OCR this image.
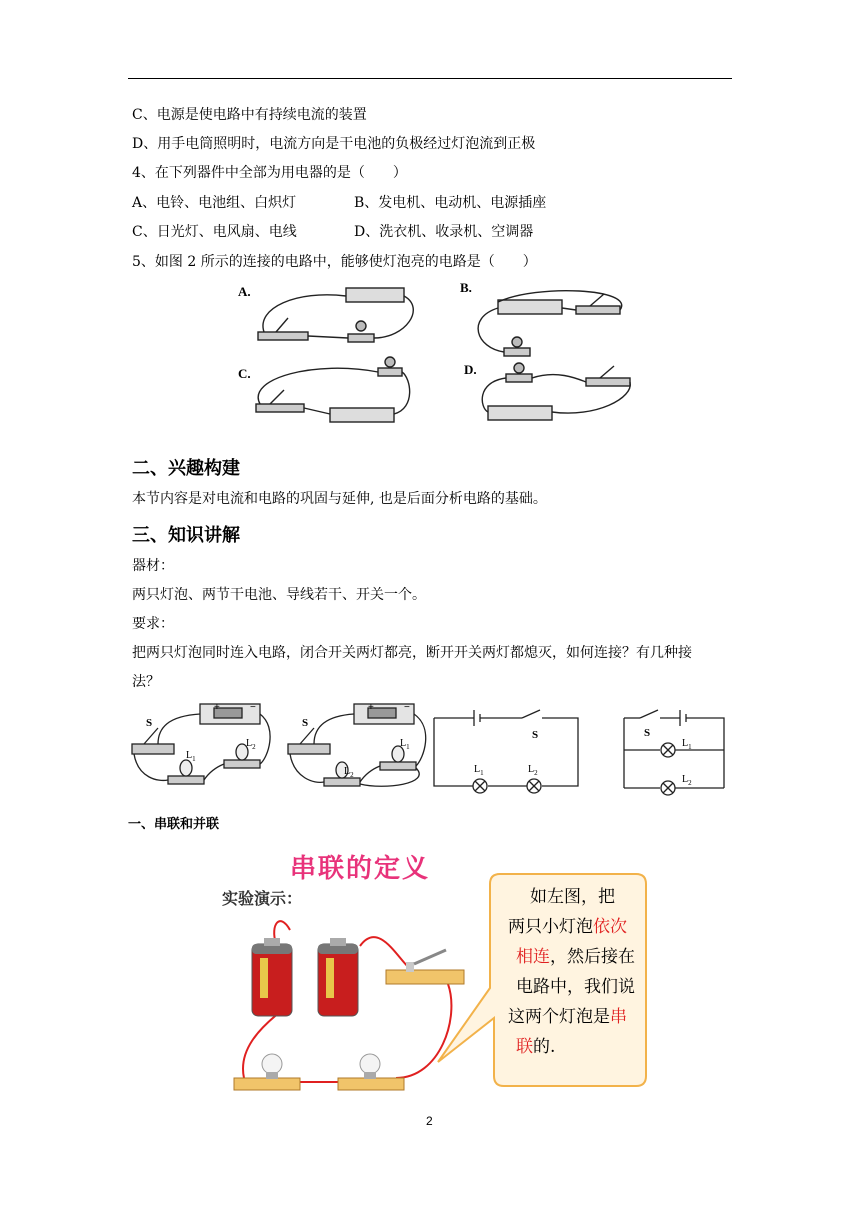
C、电源是使电路中有持续电流的装置
D、用手电筒照明时，电流方向是干电池的负极经过灯泡流到正极
4、在下列器件中全部为用电器的是（　　）
A、电铃、电池组、白炽灯	B、发电机、电动机、电源插座
C、日光灯、电风扇、电线	D、洗衣机、收录机、空调器
5、如图 2 所示的连接的电路中，能够使灯泡亮的电路是（　　）
A.	B.
C.	D.
二、兴趣构建
本节内容是对电流和电路的巩固与延伸, 也是后面分析电路的基础。
三、知识讲解
器材：
两只灯泡、两节干电池、导线若干、开关一个。
要求：
把两只灯泡同时连入电路，闭合开关两灯都亮，断开开关两灯都熄灭，如何连接？有几种接
法？
S
+	−
$L_1$
$L_2$
S
+	−
$L_1$
$L_2$
S
$L_1$	$L_2$
S
$L_1$
$L_2$
一、串联和并联
串联的定义
实验演示：	如左图，把
两只小灯泡依次
相连，然后接在
电路中，我们说
这两个灯泡是串
联的.
2
